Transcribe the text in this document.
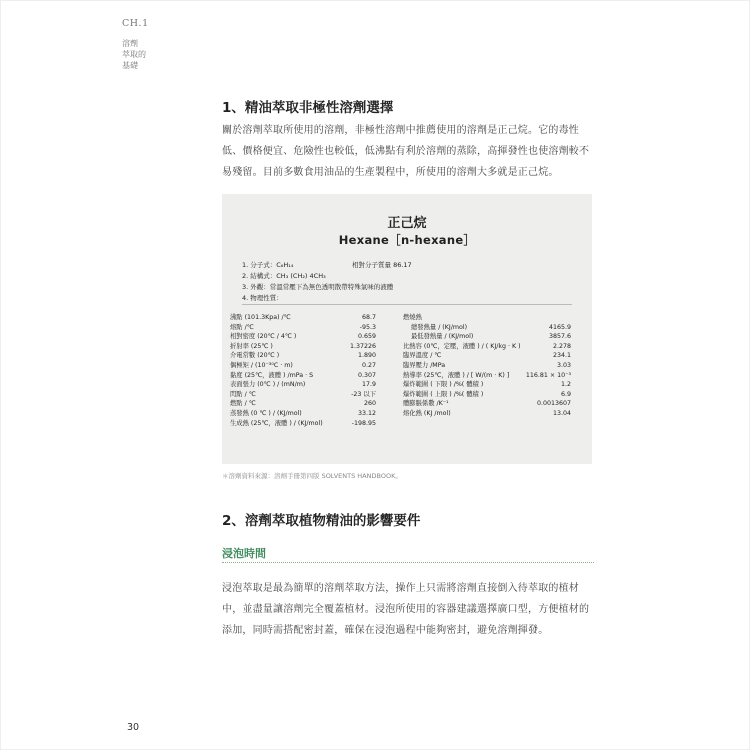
CH.1
溶劑
萃取的
基礎
1、精油萃取非極性溶劑選擇
關於溶劑萃取所使用的溶劑，非極性溶劑中推薦使用的溶劑是正己烷。它的毒性
低、價格便宜、危險性也較低，低沸點有利於溶劑的蒸除，高揮發性也使溶劑較不
易殘留。目前多數食用油品的生產製程中，所使用的溶劑大多就是正己烷。
正己烷
Hexane［n-hexane］
1. 分子式：C₆H₁₄	相對分子質量 86.17
2. 結構式：CH₃ (CH₂) 4CH₃
3. 外觀：常溫常壓下為無色透明散帶特殊氣味的液體
4. 物理性質：
沸點 (101.3Kpa) /℃	68.7
熔點 /℃	-95.3
相對密度 (20℃ / 4℃ )	0.659
折射率 (25℃ )	1.37226
介電常數 (20℃ )	1.890
偶極矩 / (10⁻³⁰C · m)	0.27
黏度 (25℃，液體 ) /mPa · S	0.307
表面張力 (0℃ ) / (mN/m)	17.9
閃點 / ℃	-23 以下
燃點 / ℃	260
蒸發熱 (0 ℃ ) / (KJ/mol)	33.12
生成熱 (25℃，液體 ) / (KJ/mol)	-198.95
燃燒熱
總發熱量 / (KJ/mol)	4165.9
最低發熱量 / (KJ/mol)	3857.6
比熱容 (0℃，定壓，液體 ) / ( KJ/kg · K )	2.278
臨界溫度 / ℃	234.1
臨界壓力 /MPa	3.03
熱導率 (25℃，液體 ) / [ W/(m · K) ]	116.81 × 10⁻³
爆炸範圍 ( 下限 ) /%( 體積 )	1.2
爆炸範圍 ( 上限 ) /%( 體積 )	6.9
體膨脹係數 /K⁻¹	0.0013607
熔化熱 (KJ /mol)	13.04
＊溶劑資料來源：溶劑手冊第四版 SOLVENTS HANDBOOK。
2、溶劑萃取植物精油的影響要件
浸泡時間
浸泡萃取是最為簡單的溶劑萃取方法，操作上只需將溶劑直接倒入待萃取的植材
中，並盡量讓溶劑完全覆蓋植材。浸泡所使用的容器建議選擇廣口型，方便植材的
添加，同時需搭配密封蓋，確保在浸泡過程中能夠密封，避免溶劑揮發。
30
